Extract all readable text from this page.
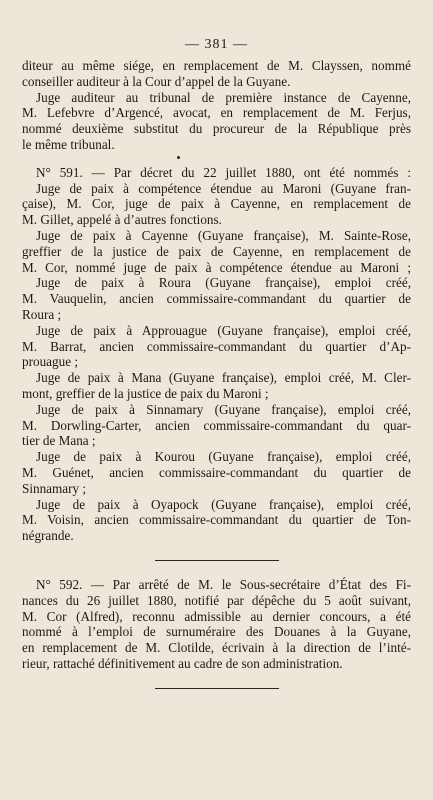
— 381 —
diteur au même siége, en remplacement de M. Clayssen, nommé
conseiller auditeur à la Cour d’appel de la Guyane.
Juge auditeur au tribunal de première instance de Cayenne,
M. Lefebvre d’Argencé, avocat, en remplacement de M. Ferjus,
nommé deuxième substitut du procureur de la République près
le même tribunal.
N° 591. — Par décret du 22 juillet 1880, ont été nommés :
Juge de paix à compétence étendue au Maroni (Guyane fran-
çaise), M. Cor, juge de paix à Cayenne, en remplacement de
M. Gillet, appelé à d’autres fonctions.
Juge de paix à Cayenne (Guyane française), M. Sainte-Rose,
greffier de la justice de paix de Cayenne, en remplacement de
M. Cor, nommé juge de paix à compétence étendue au Maroni ;
Juge de paix à Roura (Guyane française), emploi créé,
M. Vauquelin, ancien commissaire-commandant du quartier de
Roura ;
Juge de paix à Approuague (Guyane française), emploi créé,
M. Barrat, ancien commissaire-commandant du quartier d’Ap-
prouague ;
Juge de paix à Mana (Guyane française), emploi créé, M. Cler-
mont, greffier de la justice de paix du Maroni ;
Juge de paix à Sinnamary (Guyane française), emploi créé,
M. Dorwling-Carter, ancien commissaire-commandant du quar-
tier de Mana ;
Juge de paix à Kourou (Guyane française), emploi créé,
M. Guénet, ancien commissaire-commandant du quartier de
Sinnamary ;
Juge de paix à Oyapock (Guyane française), emploi créé,
M. Voisin, ancien commissaire-commandant du quartier de Ton-
négrande.
N° 592. — Par arrêté de M. le Sous-secrétaire d’État des Fi-
nances du 26 juillet 1880, notifié par dépêche du 5 août suivant,
M. Cor (Alfred), reconnu admissible au dernier concours, a été
nommé à l’emploi de surnuméraire des Douanes à la Guyane,
en remplacement de M. Clotilde, écrivain à la direction de l’inté-
rieur, rattaché définitivement au cadre de son administration.
